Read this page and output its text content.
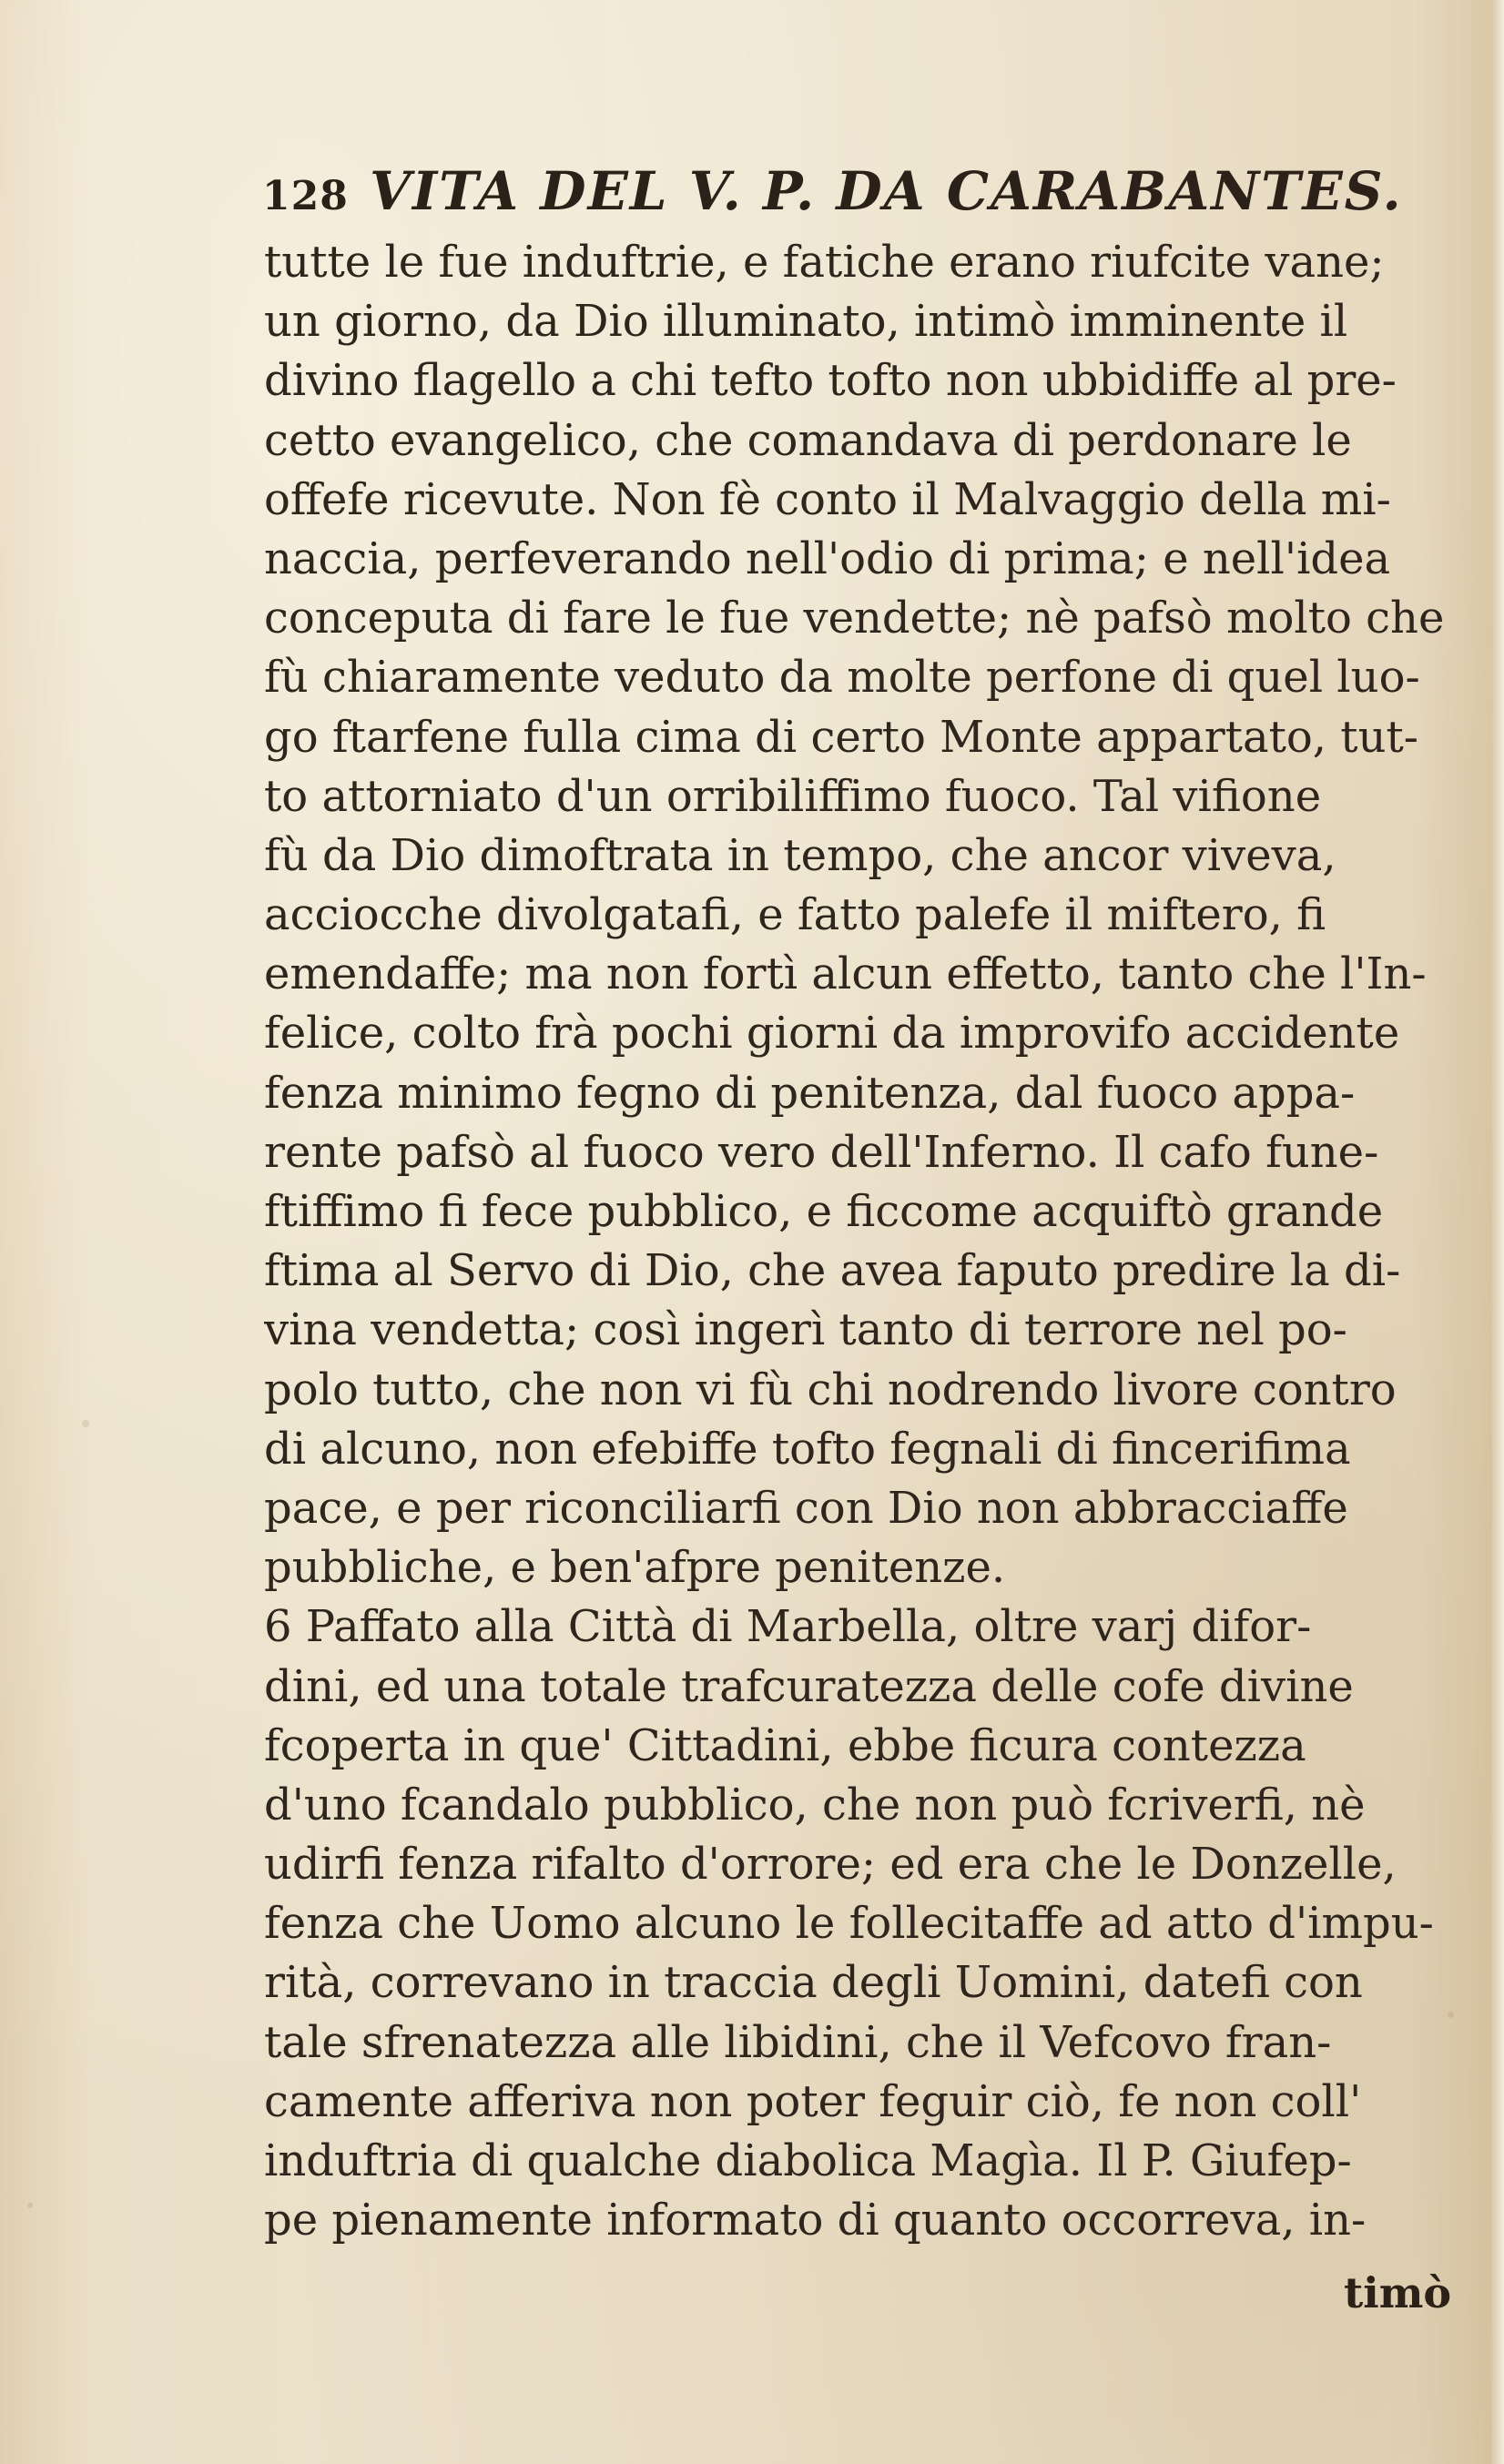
128 VITA DEL V. P. DA CARABANTES.
tutte le fue induftrie, e fatiche erano riufcite vane;
un giorno, da Dio illuminato, intimò imminente il
divino flagello a chi tefto tofto non ubbidiffe al pre-
cetto evangelico, che comandava di perdonare le
offefe ricevute. Non fè conto il Malvaggio della mi-
naccia, perfeverando nell'odio di prima; e nell'idea
conceputa di fare le fue vendette; nè pafsò molto che
fù chiaramente veduto da molte perfone di quel luo-
go ftarfene fulla cima di certo Monte appartato, tut-
to attorniato d'un orribiliffimo fuoco. Tal vifione
fù da Dio dimoftrata in tempo, che ancor viveva,
acciocche divolgatafi, e fatto palefe il miftero, fi
emendaffe; ma non fortì alcun effetto, tanto che l'In-
felice, colto frà pochi giorni da improvifo accidente
fenza minimo fegno di penitenza, dal fuoco appa-
rente pafsò al fuoco vero dell'Inferno. Il cafo fune-
ftiffimo fi fece pubblico, e ficcome acquiftò grande
ftima al Servo di Dio, che avea faputo predire la di-
vina vendetta; così ingerì tanto di terrore nel po-
polo tutto, che non vi fù chi nodrendo livore contro
di alcuno, non efebiffe tofto fegnali di fincerifima
pace, e per riconciliarfi con Dio non abbracciaffe
pubbliche, e ben'afpre penitenze.
6 Paffato alla Città di Marbella, oltre varj difor-
dini, ed una totale trafcuratezza delle cofe divine
fcoperta in que' Cittadini, ebbe ficura contezza
d'uno fcandalo pubblico, che non può fcriverfi, nè
udirfi fenza rifalto d'orrore; ed era che le Donzelle,
fenza che Uomo alcuno le follecitaffe ad atto d'impu-
rità, correvano in traccia degli Uomini, datefi con
tale sfrenatezza alle libidini, che il Vefcovo fran-
camente afferiva non poter feguir ciò, fe non coll'
induftria di qualche diabolica Magìa. Il P. Giufep-
pe pienamente informato di quanto occorreva, in-
timò
